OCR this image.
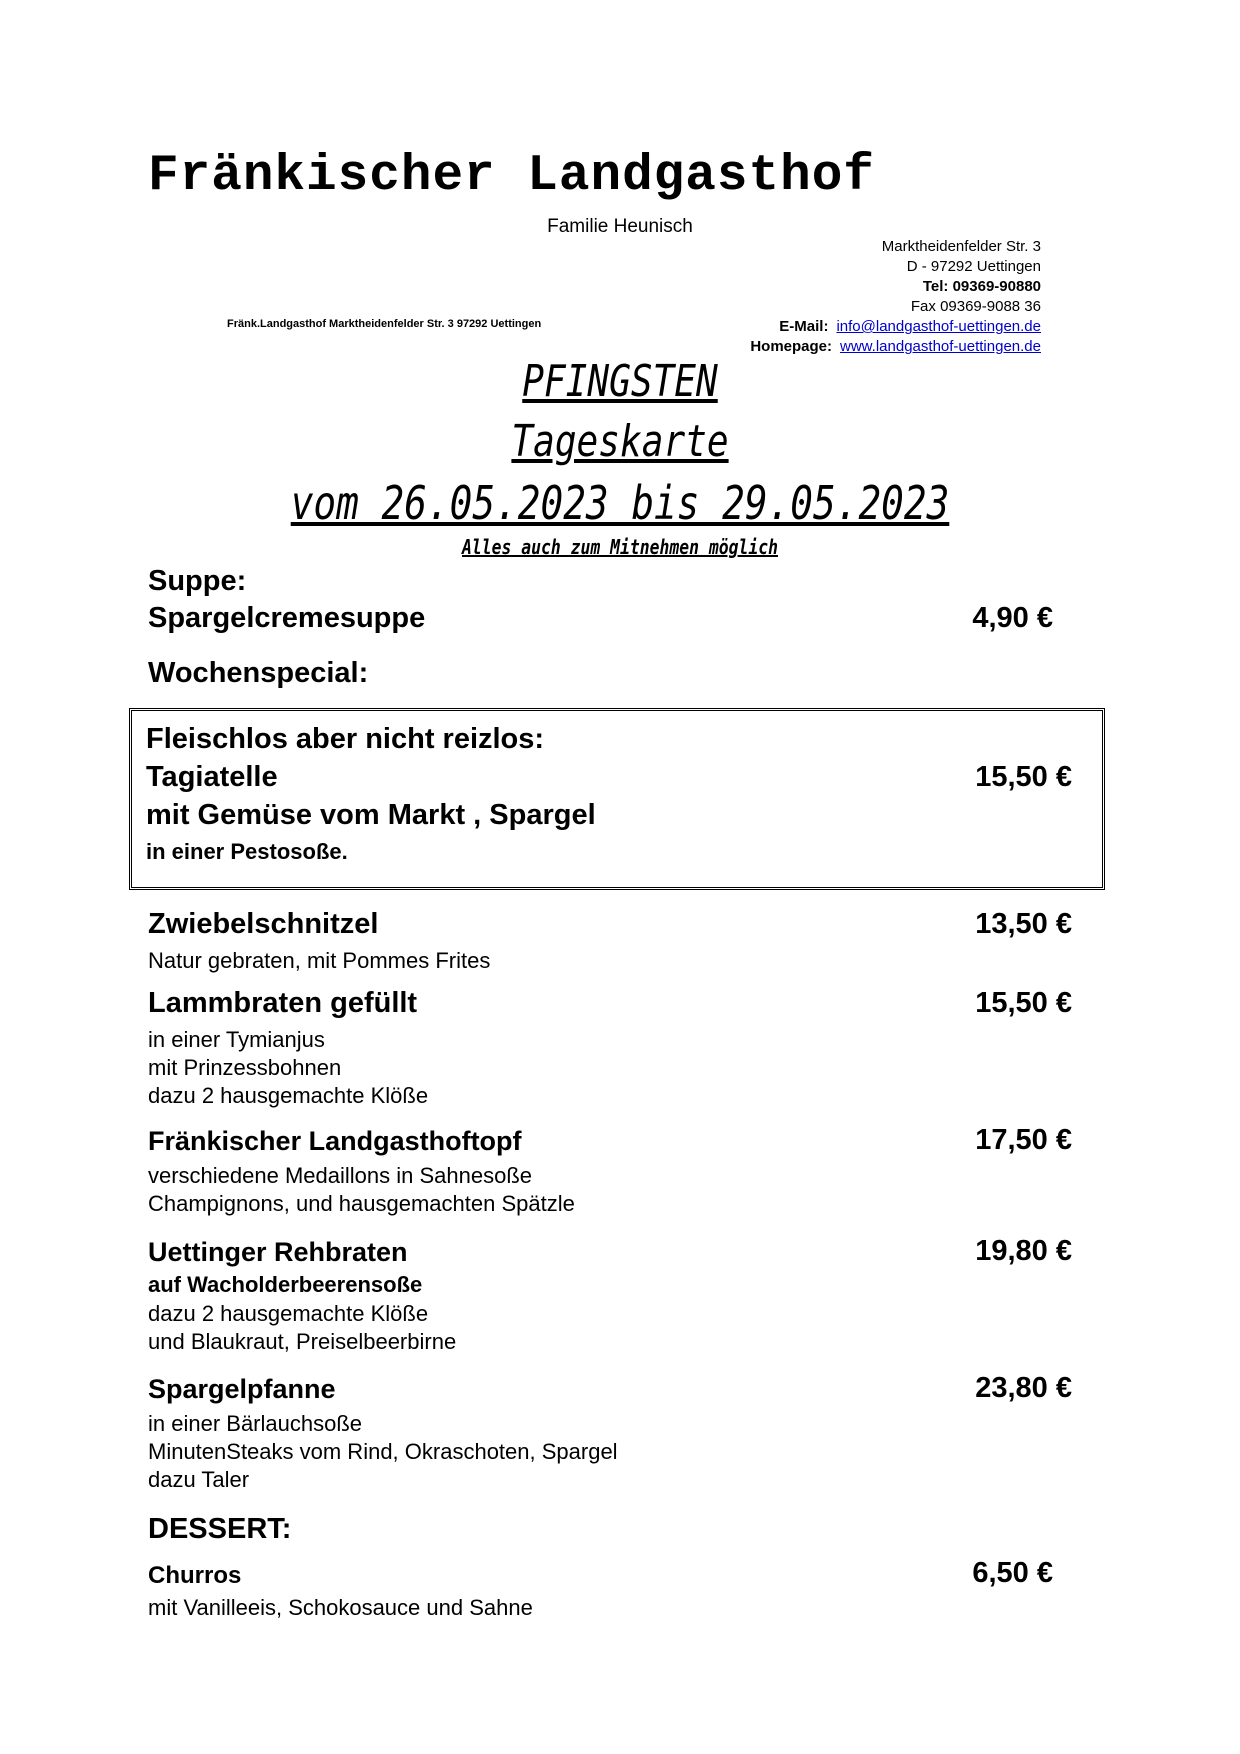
Fränkischer Landgasthof
Familie Heunisch
Fränk.Landgasthof Marktheidenfelder Str. 3 97292 Uettingen
Marktheidenfelder Str. 3
D - 97292 Uettingen
Tel: 09369-90880
Fax 09369-9088 36
E-Mail: info@landgasthof-uettingen.de
Homepage: www.landgasthof-uettingen.de
PFINGSTEN
Tageskarte
vom 26.05.2023 bis 29.05.2023
Alles auch zum Mitnehmen möglich
Suppe:
Spargelcremesuppe	4,90 €
Wochenspecial:
Fleischlos aber nicht reizlos:
Tagiatelle	15,50 €
mit Gemüse vom Markt , Spargel
in einer Pestosoße.
Zwiebelschnitzel	13,50 €
Natur gebraten, mit Pommes Frites
Lammbraten gefüllt	15,50 €
in einer Tymianjus
mit Prinzessbohnen
dazu 2 hausgemachte Klöße
Fränkischer Landgasthoftopf	17,50 €
verschiedene Medaillons in Sahnesoße
Champignons, und hausgemachten Spätzle
Uettinger Rehbraten	19,80 €
auf Wacholderbeerensoße
dazu 2 hausgemachte Klöße
und Blaukraut, Preiselbeerbirne
Spargelpfanne	23,80 €
in einer Bärlauchsoße
MinutenSteaks vom Rind, Okraschoten, Spargel
dazu Taler
DESSERT:
Churros	6,50 €
mit Vanilleeis, Schokosauce und Sahne
